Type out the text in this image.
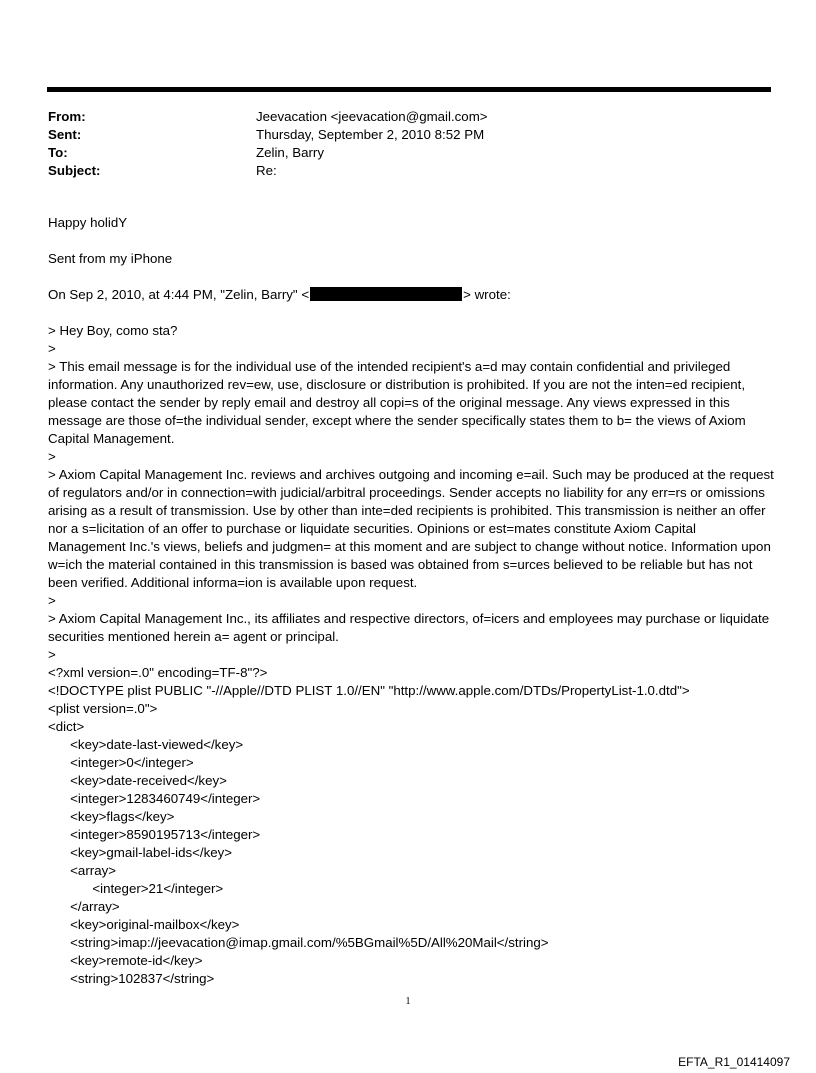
From:	Jeevacation <jeevacation@gmail.com>
Sent:	Thursday, September 2, 2010 8:52 PM
To:	Zelin, Barry
Subject:	Re:

Happy holidY

Sent from my iPhone

On Sep 2, 2010, at 4:44 PM, "Zelin, Barry" <	> wrote:

> Hey Boy, como sta?

>

> This email message is for the individual use of the intended recipient's a=d may contain confidential and privileged information. Any unauthorized rev=ew, use, disclosure or distribution is prohibited. If you are not the inten=ed recipient, please contact the sender by reply email and destroy all copi=s of the original message. Any views expressed in this message are those of=the individual sender, except where the sender specifically states them to b= the views of Axiom Capital Management.

>

> Axiom Capital Management Inc. reviews and archives outgoing and incoming e=ail. Such may be produced at the request of regulators and/or in connection=with judicial/arbitral proceedings. Sender accepts no liability for any err=rs or omissions arising as a result of transmission. Use by other than inte=ded recipients is prohibited. This transmission is neither an offer nor a s=licitation of an offer to purchase or liquidate securities. Opinions or est=mates constitute Axiom Capital Management Inc.'s views, beliefs and judgmen= at this moment and are subject to change without notice. Information upon w=ich the material contained in this transmission is based was obtained from s=urces believed to be reliable but has not been verified. Additional informa=ion is available upon request.

>

> Axiom Capital Management Inc., its affiliates and respective directors, of=icers and employees may purchase or liquidate securities mentioned herein a= agent or principal.

>

<?xml version=.0" encoding=TF-8"?>

<!DOCTYPE plist PUBLIC "-//Apple//DTD PLIST 1.0//EN" "http://www.apple.com/DTDs/PropertyList-1.0.dtd">

<plist version=.0">

<dict>

	<key>date-last-viewed</key>

	<integer>0</integer>

	<key>date-received</key>

	<integer>1283460749</integer>

	<key>flags</key>

	<integer>8590195713</integer>

	<key>gmail-label-ids</key>

	<array>

		<integer>21</integer>

	</array>

	<key>original-mailbox</key>

	<string>imap://jeevacation@imap.gmail.com/%5BGmail%5D/All%20Mail</string>

	<key>remote-id</key>

	<string>102837</string>

1
EFTA_R1_01414097
